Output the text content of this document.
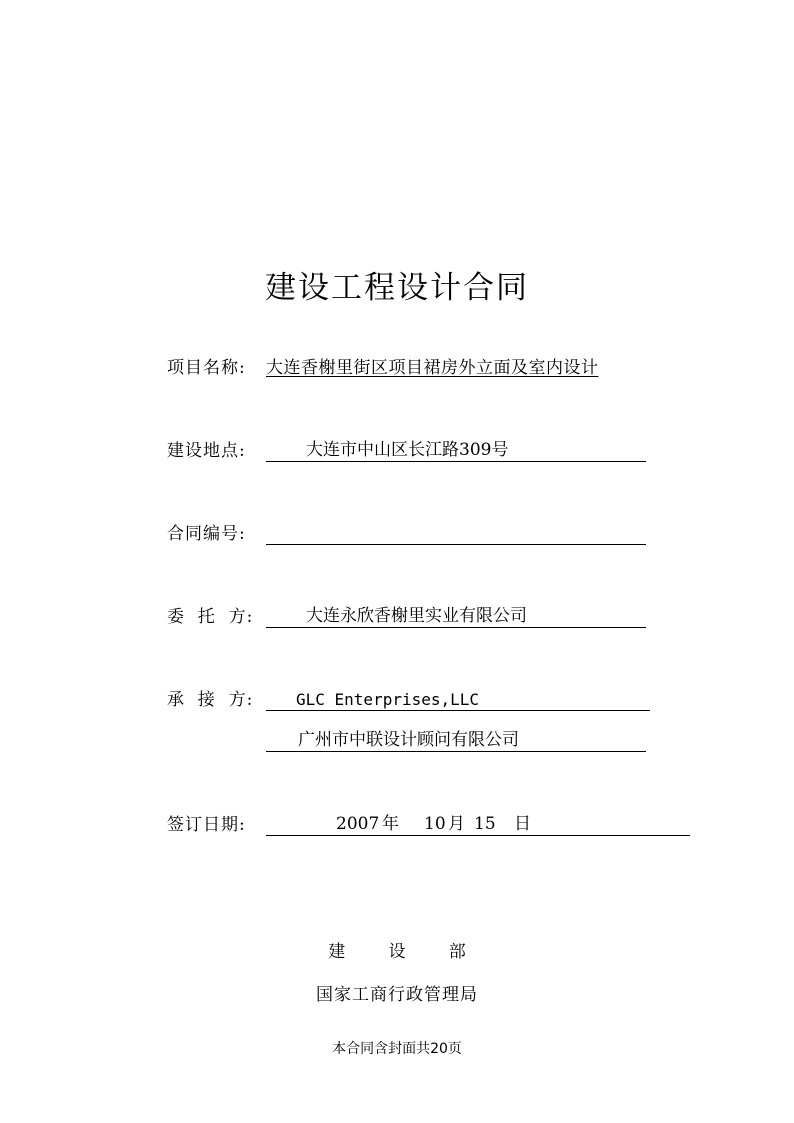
建设工程设计合同
项目名称: 大连香榭里街区项目裙房外立面及室内设计
建设地点:	大连市中山区长江路309号
合同编号:
委  托  方:	大连永欣香榭里实业有限公司
承  接  方:	GLC Enterprises,LLC
广州市中联设计顾问有限公司
签订日期:	2007 年 10 月 15 日
建        设        部
国家工商行政管理局
本合同含封面共20页
